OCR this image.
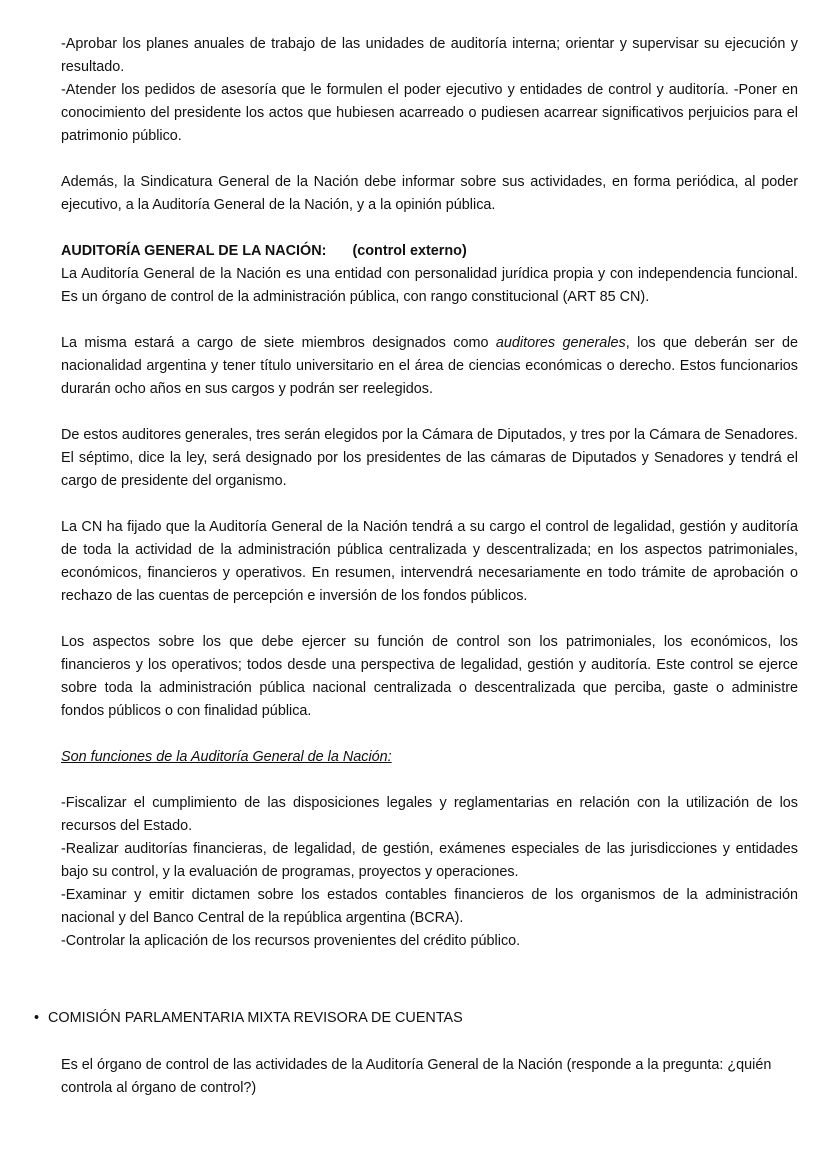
-Aprobar los planes anuales de trabajo de las unidades de auditoría interna; orientar y supervisar su ejecución y resultado.

-Atender los pedidos de asesoría que le formulen el poder ejecutivo y entidades de control y auditoría. -Poner en conocimiento del presidente los actos que hubiesen acarreado o pudiesen acarrear significativos perjuicios para el patrimonio público.

Además, la Sindicatura General de la Nación debe informar sobre sus actividades, en forma periódica, al poder ejecutivo, a la Auditoría General de la Nación, y a la opinión pública.

AUDITORÍA GENERAL DE LA NACIÓN: (control externo)

La Auditoría General de la Nación es una entidad con personalidad jurídica propia y con independencia funcional. Es un órgano de control de la administración pública, con rango constitucional (ART 85 CN).

La misma estará a cargo de siete miembros designados como auditores generales, los que deberán ser de nacionalidad argentina y tener título universitario en el área de ciencias económicas o derecho. Estos funcionarios durarán ocho años en sus cargos y podrán ser reelegidos.

De estos auditores generales, tres serán elegidos por la Cámara de Diputados, y tres por la Cámara de Senadores. El séptimo, dice la ley, será designado por los presidentes de las cámaras de Diputados y Senadores y tendrá el cargo de presidente del organismo.

La CN ha fijado que la Auditoría General de la Nación tendrá a su cargo el control de legalidad, gestión y auditoría de toda la actividad de la administración pública centralizada y descentralizada; en los aspectos patrimoniales, económicos, financieros y operativos. En resumen, intervendrá necesariamente en todo trámite de aprobación o rechazo de las cuentas de percepción e inversión de los fondos públicos.

Los aspectos sobre los que debe ejercer su función de control son los patrimoniales, los económicos, los financieros y los operativos; todos desde una perspectiva de legalidad, gestión y auditoría. Este control se ejerce sobre toda la administración pública nacional centralizada o descentralizada que perciba, gaste o administre fondos públicos o con finalidad pública.

Son funciones de la Auditoría General de la Nación:

-Fiscalizar el cumplimiento de las disposiciones legales y reglamentarias en relación con la utilización de los recursos del Estado.

-Realizar auditorías financieras, de legalidad, de gestión, exámenes especiales de las jurisdicciones y entidades bajo su control, y la evaluación de programas, proyectos y operaciones.

-Examinar y emitir dictamen sobre los estados contables financieros de los organismos de la administración nacional y del Banco Central de la república argentina (BCRA).

-Controlar la aplicación de los recursos provenientes del crédito público.

• COMISIÓN PARLAMENTARIA MIXTA REVISORA DE CUENTAS

Es el órgano de control de las actividades de la Auditoría General de la Nación (responde a la pregunta: ¿quién controla al órgano de control?)
